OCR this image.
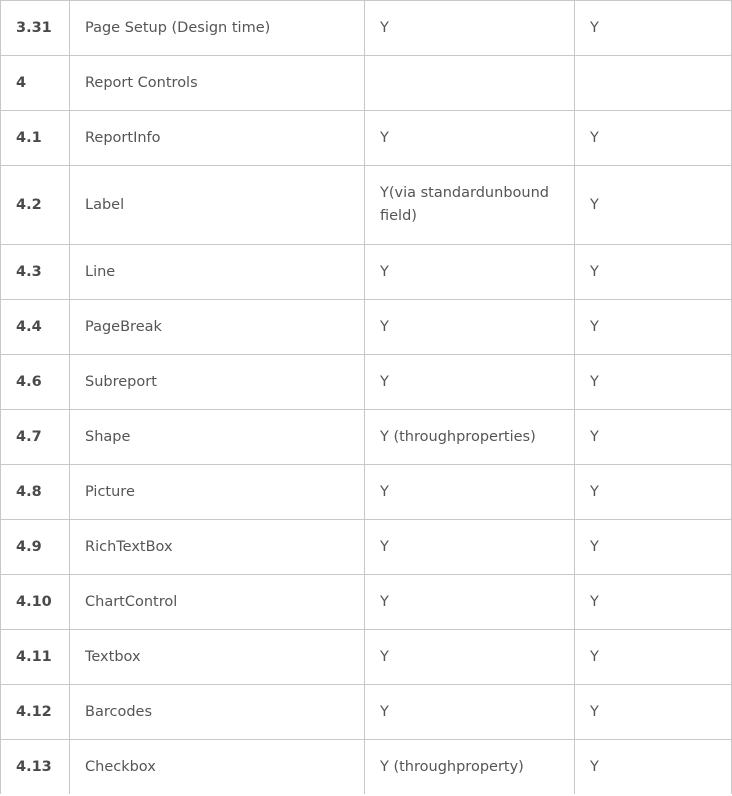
3.31	Page Setup (Design time)	Y	Y
4	Report Controls		
4.1	ReportInfo	Y	Y
4.2	Label	Y(via standardunbound field)	Y
4.3	Line	Y	Y
4.4	PageBreak	Y	Y
4.6	Subreport	Y	Y
4.7	Shape	Y (throughproperties)	Y
4.8	Picture	Y	Y
4.9	RichTextBox	Y	Y
4.10	ChartControl	Y	Y
4.11	Textbox	Y	Y
4.12	Barcodes	Y	Y
4.13	Checkbox	Y (throughproperty)	Y
